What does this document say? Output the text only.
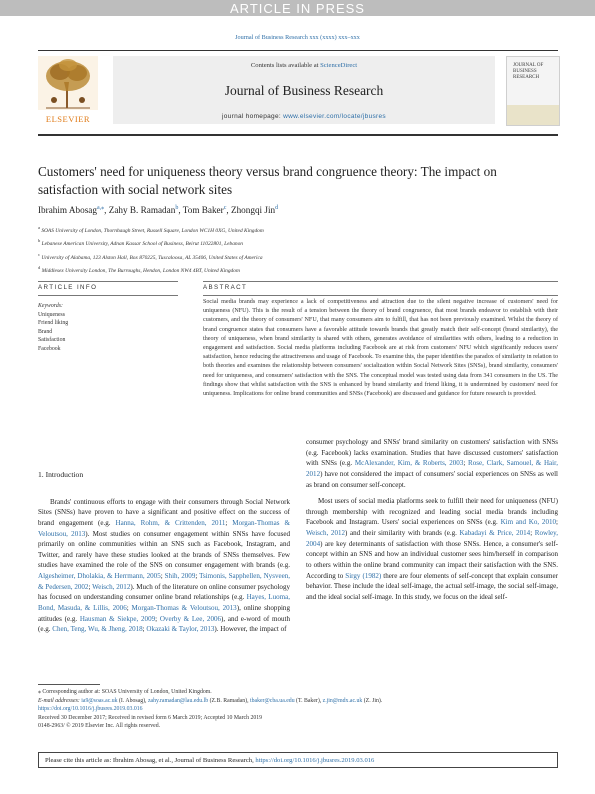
ARTICLE IN PRESS
Journal of Business Research xxx (xxxx) xxx–xxx
ELSEVIER
Contents lists available at ScienceDirect
Journal of Business Research
journal homepage: www.elsevier.com/locate/jbusres
JOURNAL OF BUSINESS RESEARCH
Customers' need for uniqueness theory versus brand congruence theory: The impact on satisfaction with social network sites
Ibrahim Abosag$^{a,⁎}$, Zahy B. Ramadan$^b$, Tom Baker$^c$, Zhongqi Jin$^d$
$^a$ SOAS University of London, Thornhaugh Street, Russell Square, London WC1H 0XG, United Kingdom
$^b$ Lebanese American University, Adnan Kassar School of Business, Beirut 11022801, Lebanon
$^c$ University of Alabama, 123 Alston Hall, Box 870225, Tuscaloosa, AL 35406, United States of America
$^d$ Middlesex University London, The Burroughs, Hendon, London NW4 4BT, United Kingdom
ARTICLE INFO
Keywords:
Uniqueness
Friend liking
Brand
Satisfaction
Facebook
ABSTRACT
Social media brands may experience a lack of competitiveness and attraction due to the silent negative increase of customers' need for uniqueness (NFU). This is the result of a tension between the theory of brand congruence, that most brands endeavor to establish with their customers, and the theory of consumers' NFU, that many consumers aim to fulfill, that has not been previously examined. Whilst the theory of brand congruence states that consumers have a favorable attitude towards brands that greatly match their self-concept (brand similarity), the theory of uniqueness, when brand similarity is shared with others, generates avoidance of similarities with others, leading to a reduction in engagement and satisfaction. Social media platforms including Facebook are at risk from customers' NFU which significantly reduces users' satisfaction, hence reducing the attractiveness and usage of Facebook. To examine this, the paper identifies the paradox of similarity in relation to both theories and examines the relationship between consumers' socialization within Social Network Sites (SNSs), brand similarity, consumers' need for uniqueness, and consumers' satisfaction with the SNS. The conceptual model was tested using data from 341 consumers in the US. The findings show that whilst satisfaction with the SNS is enhanced by brand similarity and friend liking, it is undermined by customers' need for uniqueness. Implications for online brand communities and SNSs (Facebook) are discussed and guidance for future research is provided.
1. Introduction

Brands' continuous efforts to engage with their consumers through Social Network Sites (SNSs) have proven to have a significant and positive effect on the success of brand engagement (e.g. Hanna, Rohm, & Crittenden, 2011; Morgan-Thomas & Veloutsou, 2013). Most studies on consumer engagement within SNSs have focused primarily on online communities within an SNS such as Facebook, Instagram, and Twitter, and rarely have these studies looked at the brands of SNSs themselves. Few studies have examined the role of the SNS on consumer engagement with brands (e.g. Algesheimer, Dholakia, & Herrmann, 2005; Shih, 2009; Tsimonis, Sapphellen, Nysveen, & Pedersen, 2002; Weisch, 2012). Much of the literature on online consumer psychology has focused on understanding consumer online brand relationships (e.g. Hayes, Luoma, Bond, Masuda, & Lillis, 2006; Morgan-Thomas & Veloutsou, 2013), online shopping attitudes (e.g. Hausman & Siekpe, 2009; Overby & Lee, 2006), and e-word of mouth (e.g. Chen, Teng, Wu, & Jheng, 2018; Okazaki & Taylor, 2013). However, the impact of

consumer psychology and SNSs' brand similarity on customers' satisfaction with SNSs (e.g. Facebook) lacks examination. Studies that have discussed customers' satisfaction with SNSs (e.g. McAlexander, Kim, & Roberts, 2003; Rose, Clark, Samouel, & Hair, 2012) have not considered the impact of consumers' social experiences on SNSs as well as brand on consumer self-concept.

Most users of social media platforms seek to fulfill their need for uniqueness (NFU) through membership with recognized and leading social media brands including Facebook and Instagram. Users' social experiences on SNSs (e.g. Kim and Ko, 2010; Weisch, 2012) and their similarity with brands (e.g. Kabadayi & Price, 2014; Rowley, 2004) are key determinants of satisfaction with those SNSs. Hence, a consumer's self-concept within an SNS and how an individual customer sees him/herself in comparison to others within the online brand community can impact their satisfaction with the SNS. According to Sirgy (1982) there are four elements of self-concept that explain consumer behavior. These include the ideal self-image, the actual self-image, the social self-image, and the ideal social self-image. In this study, we focus on the ideal self-

⁎ Corresponding author at: SOAS University of London, United Kingdom.
E-mail addresses: ia9@soas.ac.uk (I. Abosag), zahy.ramadan@lau.edu.lb (Z.B. Ramadan), tbaker@cba.ua.edu (T. Baker), z.jin@mdx.ac.uk (Z. Jin).
https://doi.org/10.1016/j.jbusres.2019.03.016
Received 30 December 2017; Received in revised form 6 March 2019; Accepted 10 March 2019
0148-2963/ © 2019 Elsevier Inc. All rights reserved.
Please cite this article as: Ibrahim Abosag, et al., Journal of Business Research, https://doi.org/10.1016/j.jbusres.2019.03.016
